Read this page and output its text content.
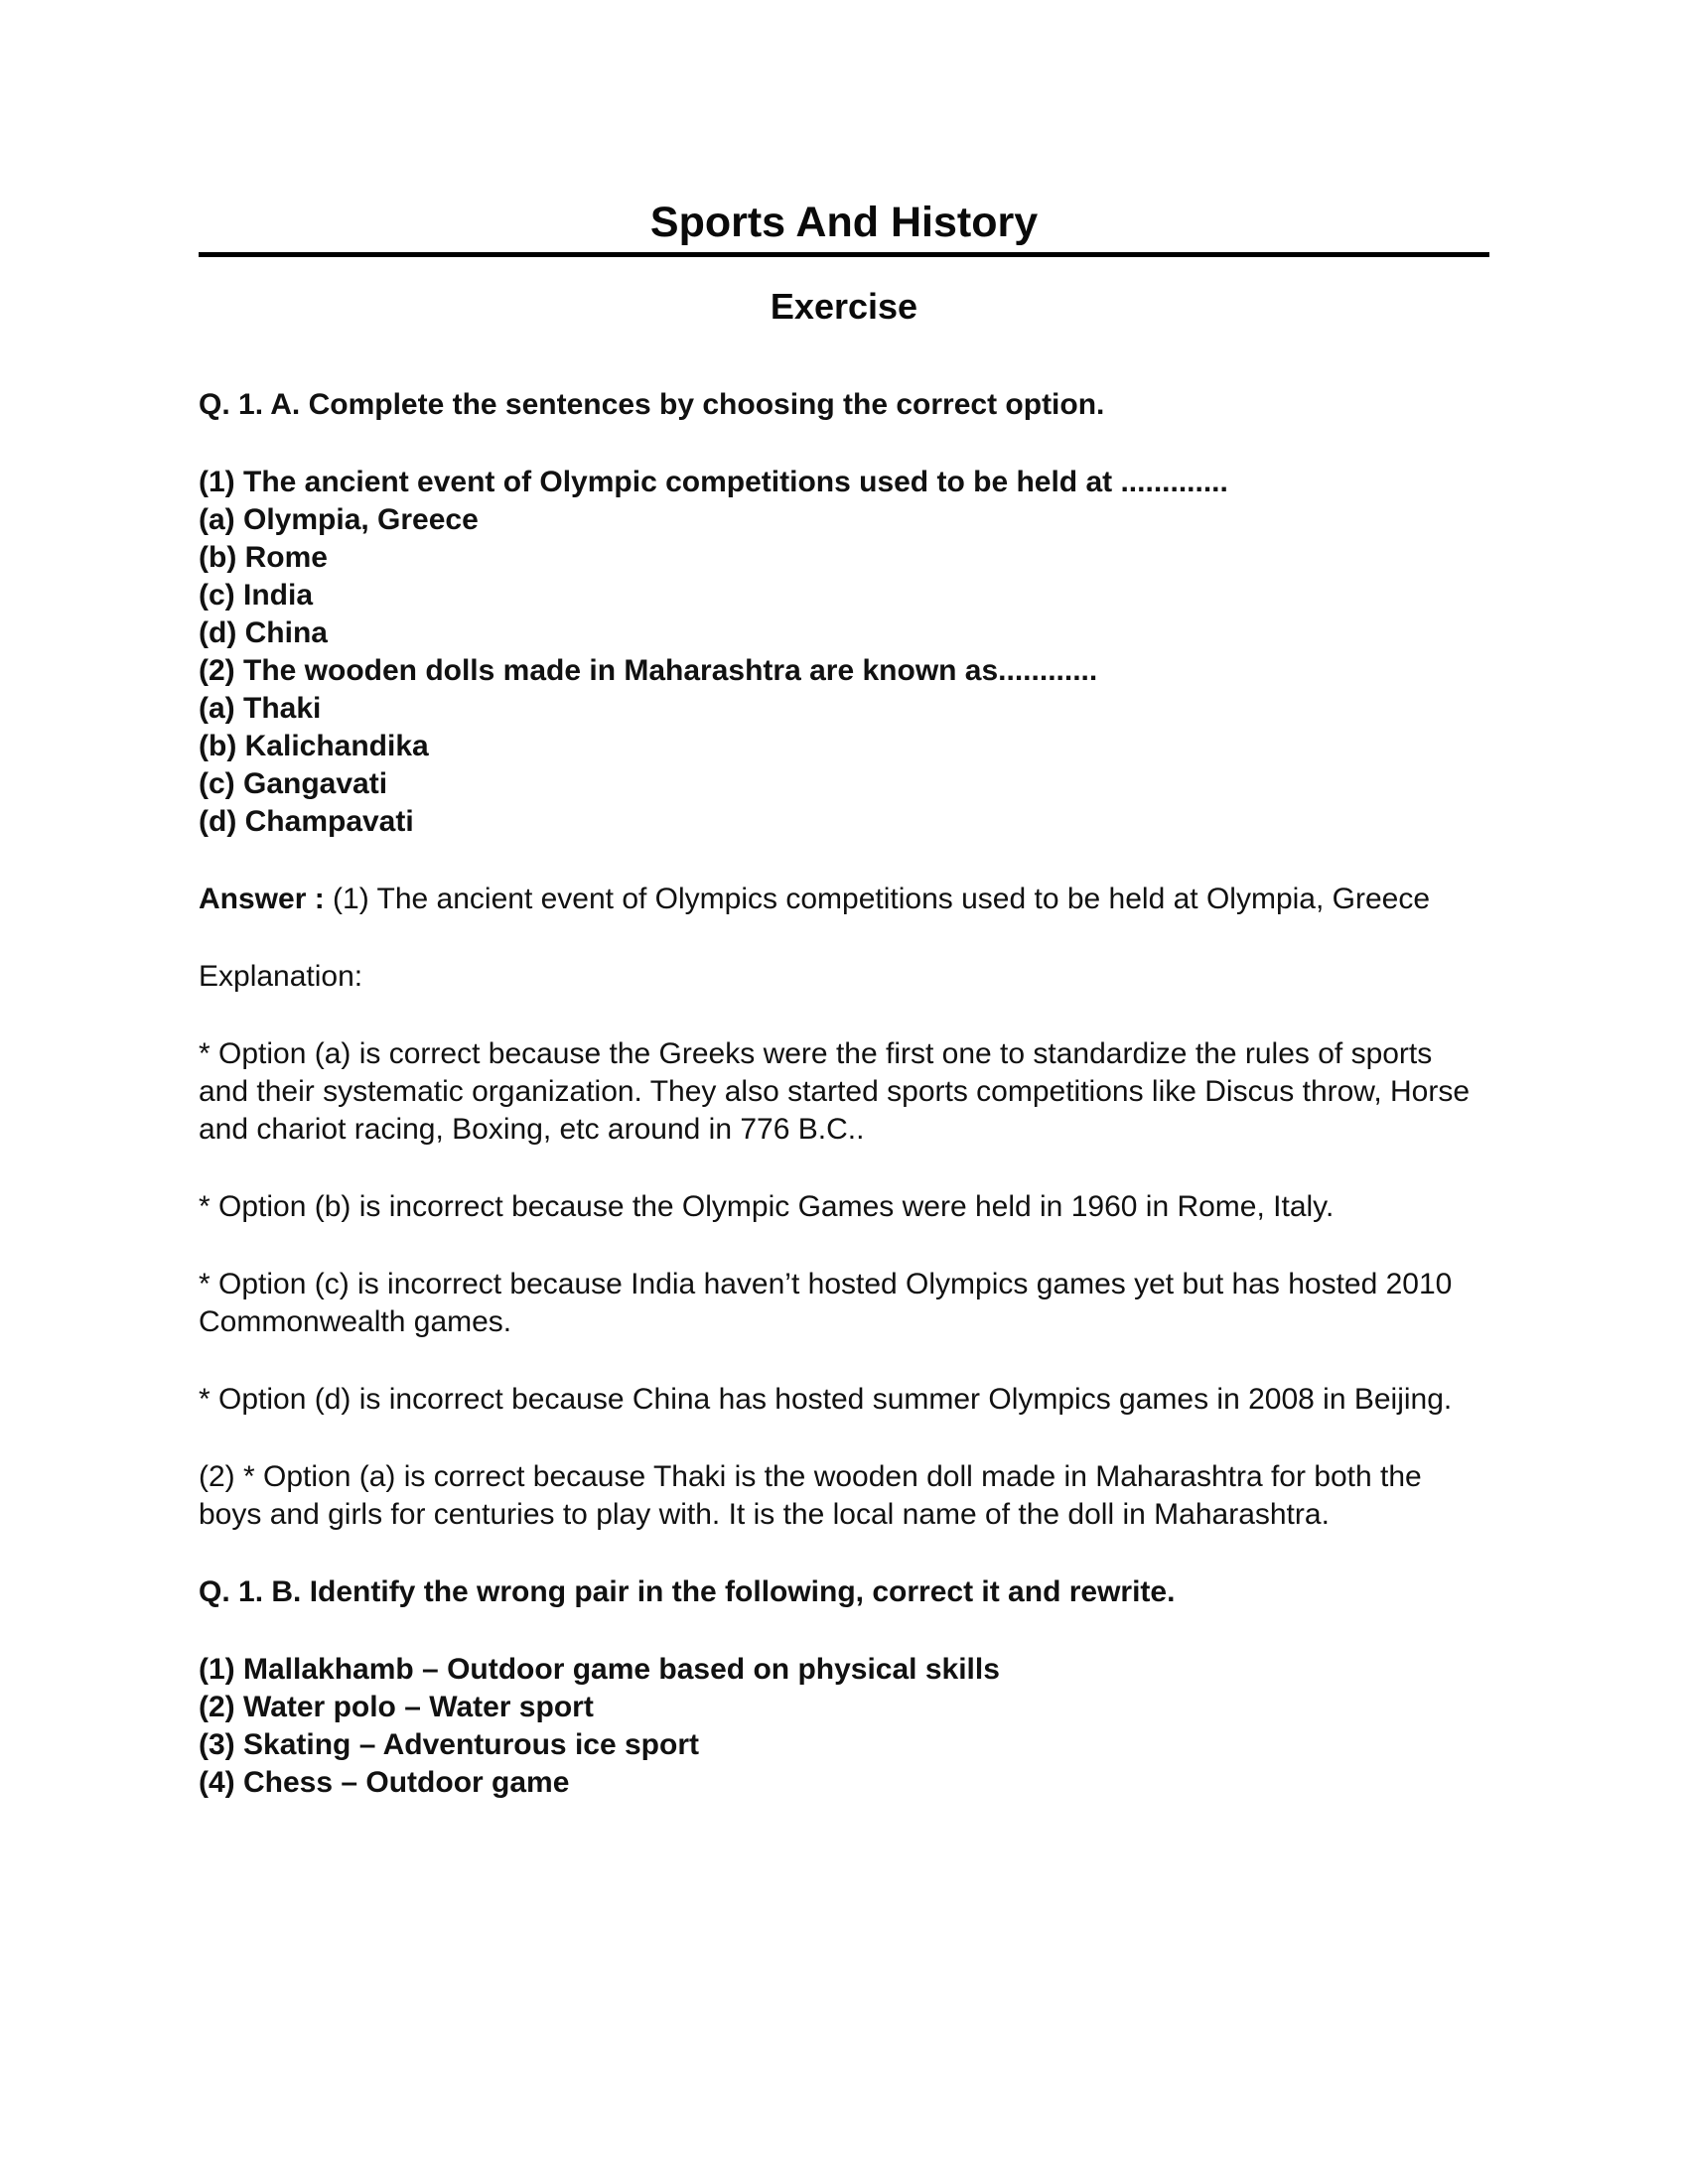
Sports And History
Exercise

Q. 1. A. Complete the sentences by choosing the correct option.

(1) The ancient event of Olympic competitions used to be held at .............
(a) Olympia, Greece
(b) Rome
(c) India
(d) China
(2) The wooden dolls made in Maharashtra are known as............
(a) Thaki
(b) Kalichandika
(c) Gangavati
(d) Champavati

Answer : (1) The ancient event of Olympics competitions used to be held at Olympia, Greece

Explanation:

* Option (a) is correct because the Greeks were the first one to standardize the rules of sports and their systematic organization. They also started sports competitions like Discus throw, Horse and chariot racing, Boxing, etc around in 776 B.C..

* Option (b) is incorrect because the Olympic Games were held in 1960 in Rome, Italy.

* Option (c) is incorrect because India haven’t hosted Olympics games yet but has hosted 2010 Commonwealth games.

* Option (d) is incorrect because China has hosted summer Olympics games in 2008 in Beijing.

(2) * Option (a) is correct because Thaki is the wooden doll made in Maharashtra for both the boys and girls for centuries to play with. It is the local name of the doll in Maharashtra.

Q. 1. B. Identify the wrong pair in the following, correct it and rewrite.

(1) Mallakhamb – Outdoor game based on physical skills
(2) Water polo – Water sport
(3) Skating – Adventurous ice sport
(4) Chess – Outdoor game
